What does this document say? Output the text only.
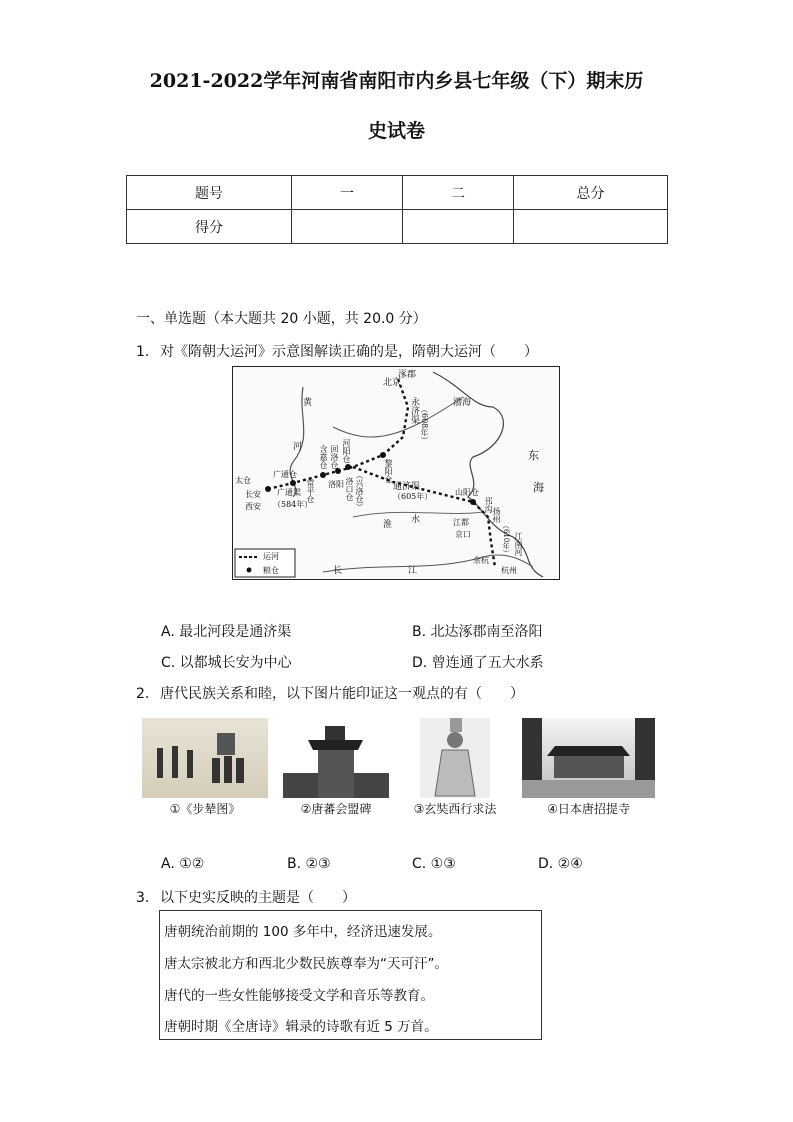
2021-2022学年河南省南阳市内乡县七年级（下）期末历
史试卷
题号	一	二	总分
得分			
一、单选题（本大题共 20 小题，共 20.0 分）
1. 对《隋朝大运河》示意图解读正确的是，隋朝大运河（　　）
北京
涿郡
黄
河
永济渠 （608年）
渤海
东
海
含嘉仓 回洛仓 河阳仓
黎阳仓
洛阳
太仓
长安
西安
广通仓
广通渠
（584年）
常平仓	洛口仓 （兴洛仓）	通济渠
（605年）	山阳仓
邗沟
扬州
江都
京口	江南河
（610年）
淮 水
长	江
余杭
杭州
运河
粮仓
A. 最北河段是通济渠	B. 北达涿郡南至洛阳
C. 以都城长安为中心	D. 曾连通了五大水系
2. 唐代民族关系和睦，以下图片能印证这一观点的有（　　）
①《步辇图》	②唐蕃会盟碑	③玄奘西行求法	④日本唐招提寺
A. ①②	B. ②③	C. ①③	D. ②④
3. 以下史实反映的主题是（　　）
唐朝统治前期的 100 多年中，经济迅速发展。
唐太宗被北方和西北少数民族尊奉为“天可汗”。
唐代的一些女性能够接受文学和音乐等教育。
唐朝时期《全唐诗》辑录的诗歌有近 5 万首。
